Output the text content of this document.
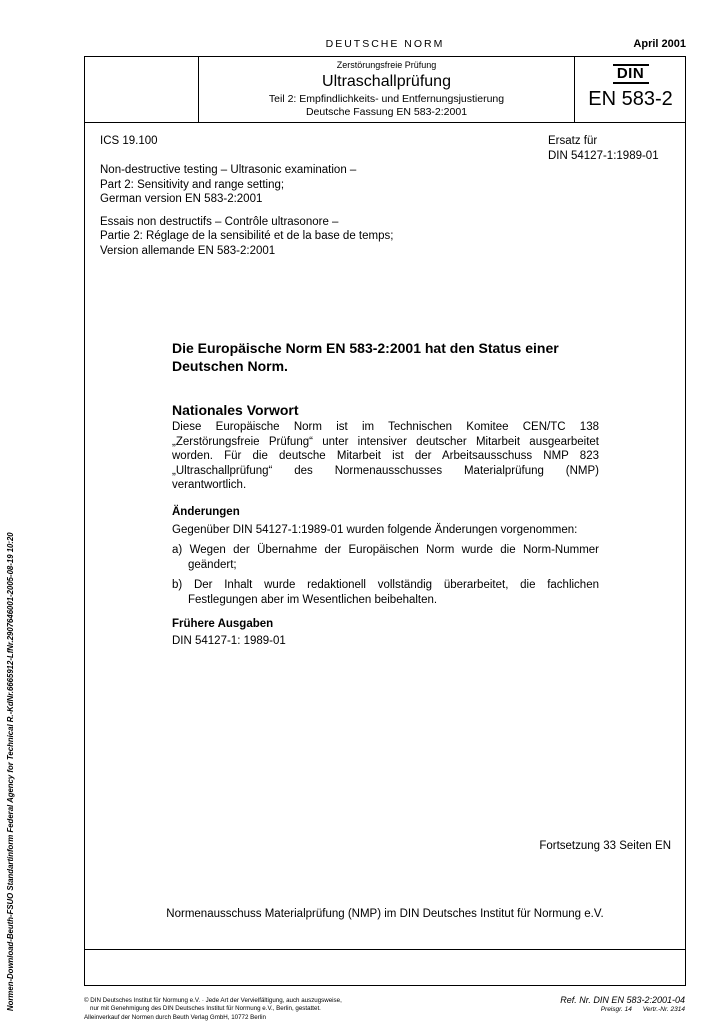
DEUTSCHE NORM	April 2001
Zerstörungsfreie Prüfung
Ultraschallprüfung
Teil 2: Empfindlichkeits- und Entfernungsjustierung
Deutsche Fassung EN 583-2:2001
DIN
EN 583-2
ICS 19.100	Ersatz für
DIN 54127-1:1989-01

Non-destructive testing – Ultrasonic examination –
Part 2: Sensitivity and range setting;
German version EN 583-2:2001

Essais non destructifs – Contrôle ultrasonore –
Partie 2: Réglage de la sensibilité et de la base de temps;
Version allemande EN 583-2:2001

Die Europäische Norm EN 583-2:2001 hat den Status einer Deutschen Norm.
Nationales Vorwort
Diese Europäische Norm ist im Technischen Komitee CEN/TC 138 „Zerstörungsfreie Prüfung“ unter intensiver deutscher Mitarbeit ausgearbeitet worden. Für die deutsche Mitarbeit ist der Arbeitsausschuss NMP 823 „Ultraschallprüfung“ des Normenausschusses Materialprüfung (NMP) verantwortlich.
Änderungen
Gegenüber DIN 54127-1:1989-01 wurden folgende Änderungen vorgenommen:
a) Wegen der Übernahme der Europäischen Norm wurde die Norm-Nummer geändert;
b) Der Inhalt wurde redaktionell vollständig überarbeitet, die fachlichen Festlegungen aber im Wesentlichen beibehalten.
Frühere Ausgaben
DIN 54127-1: 1989-01
Fortsetzung 33 Seiten EN
Normenausschuss Materialprüfung (NMP) im DIN Deutsches Institut für Normung e.V.
© DIN Deutsches Institut für Normung e.V. · Jede Art der Vervielfältigung, auch auszugsweise,
nur mit Genehmigung des DIN Deutsches Institut für Normung e.V., Berlin, gestattet.
Alleinverkauf der Normen durch Beuth Verlag GmbH, 10772 Berlin
Ref. Nr. DIN EN 583-2:2001-04
Preisgr. 14 Vertr.-Nr. 2314
Normen-Download-Beuth-FSUO Standartinform Federal Agency for Technical R.-KdNr.6665912-LfNr.2907646001-2005-08-19 10:20
